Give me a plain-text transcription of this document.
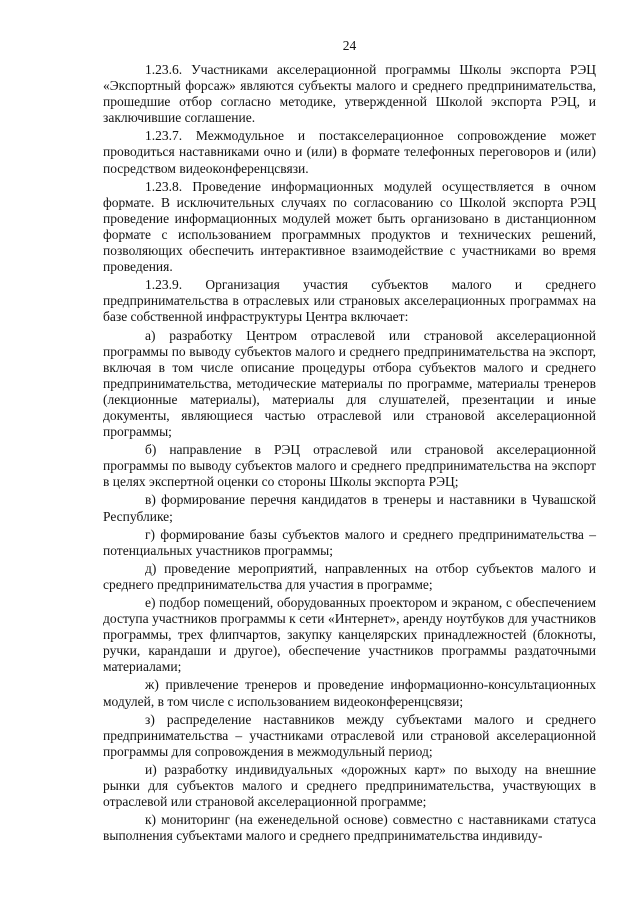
24

1.23.6. Участниками акселерационной программы Школы экспорта РЭЦ «Экспортный форсаж» являются субъекты малого и среднего предпринимательства, прошедшие отбор согласно методике, утвержденной Школой экспорта РЭЦ, и заключившие соглашение.

1.23.7. Межмодульное и постакселерационное сопровождение может проводиться наставниками очно и (или) в формате телефонных переговоров и (или) посредством видеоконференцсвязи.

1.23.8. Проведение информационных модулей осуществляется в очном формате. В исключительных случаях по согласованию со Школой экспорта РЭЦ проведение информационных модулей может быть организовано в дистанционном формате с использованием программных продуктов и технических решений, позволяющих обеспечить интерактивное взаимодействие с участниками во время проведения.

1.23.9. Организация участия субъектов малого и среднего предпринимательства в отраслевых или страновых акселерационных программах на базе собственной инфраструктуры Центра включает:

а) разработку Центром отраслевой или страновой акселерационной программы по выводу субъектов малого и среднего предпринимательства на экспорт, включая в том числе описание процедуры отбора субъектов малого и среднего предпринимательства, методические материалы по программе, материалы тренеров (лекционные материалы), материалы для слушателей, презентации и иные документы, являющиеся частью отраслевой или страновой акселерационной программы;

б) направление в РЭЦ отраслевой или страновой акселерационной программы по выводу субъектов малого и среднего предпринимательства на экспорт в целях экспертной оценки со стороны Школы экспорта РЭЦ;

в) формирование перечня кандидатов в тренеры и наставники в Чувашской Республике;

г) формирование базы субъектов малого и среднего предпринимательства – потенциальных участников программы;

д) проведение мероприятий, направленных на отбор субъектов малого и среднего предпринимательства для участия в программе;

е) подбор помещений, оборудованных проектором и экраном, с обеспечением доступа участников программы к сети «Интернет», аренду ноутбуков для участников программы, трех флипчартов, закупку канцелярских принадлежностей (блокноты, ручки, карандаши и другое), обеспечение участников программы раздаточными материалами;

ж) привлечение тренеров и проведение информационно-консультационных модулей, в том числе с использованием видеоконференцсвязи;

з) распределение наставников между субъектами малого и среднего предпринимательства – участниками отраслевой или страновой акселерационной программы для сопровождения в межмодульный период;

и) разработку индивидуальных «дорожных карт» по выходу на внешние рынки для субъектов малого и среднего предпринимательства, участвующих в отраслевой или страновой акселерационной программе;

к) мониторинг (на еженедельной основе) совместно с наставниками статуса выполнения субъектами малого и среднего предпринимательства индивиду-
